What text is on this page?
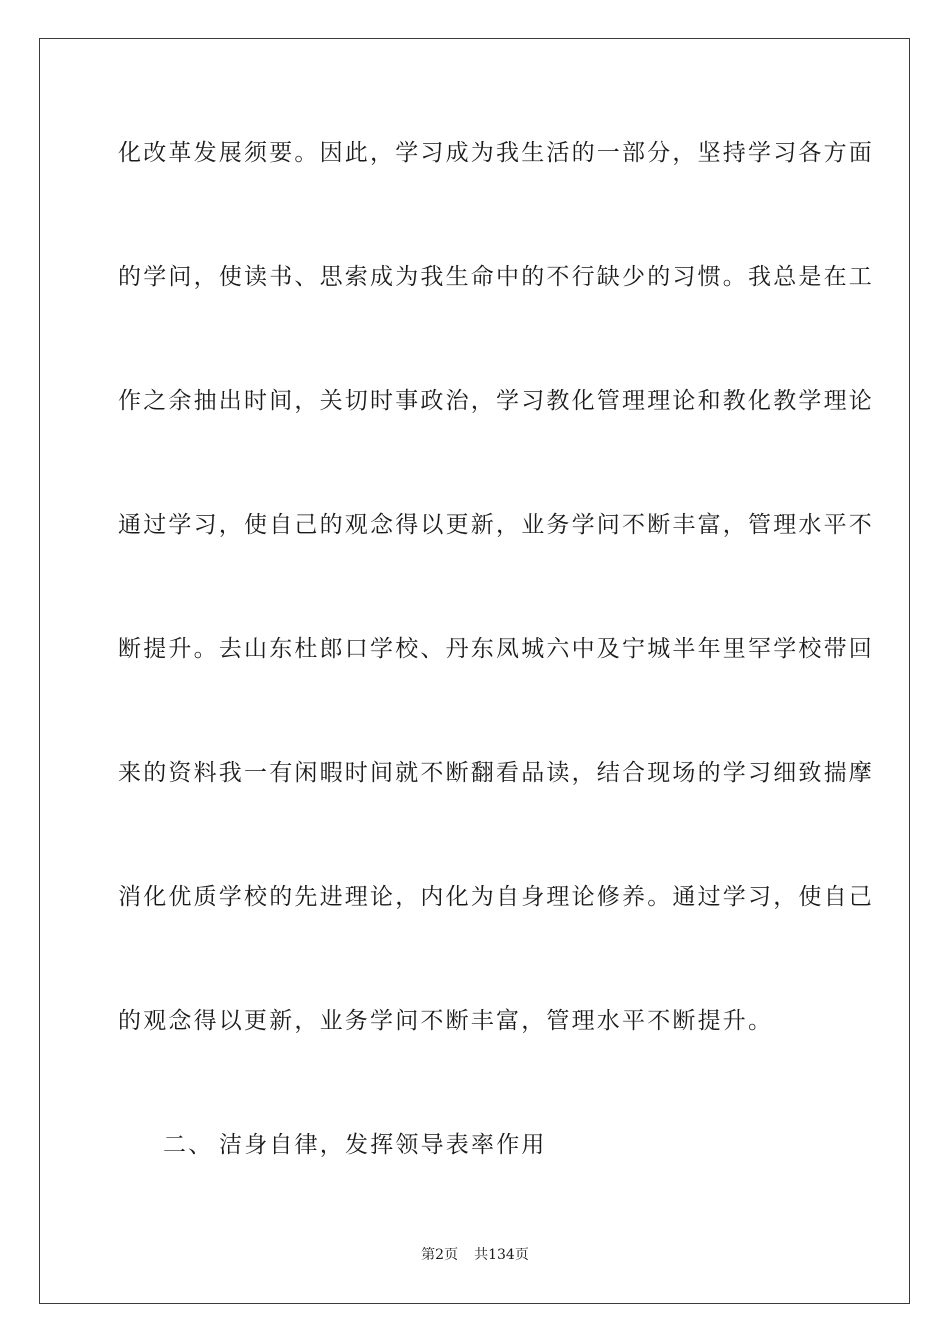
化改革发展须要。因此，学习成为我生活的一部分，坚持学习各方面
的学问，使读书、思索成为我生命中的不行缺少的习惯。我总是在工
作之余抽出时间，关切时事政治，学习教化管理理论和教化教学理论
通过学习，使自己的观念得以更新，业务学问不断丰富，管理水平不
断提升。去山东杜郎口学校、丹东凤城六中及宁城半年里罕学校带回
来的资料我一有闲暇时间就不断翻看品读，结合现场的学习细致揣摩
消化优质学校的先进理论，内化为自身理论修养。通过学习，使自己
的观念得以更新，业务学问不断丰富，管理水平不断提升。
二、 洁身自律，发挥领导表率作用
第2页 共134页
